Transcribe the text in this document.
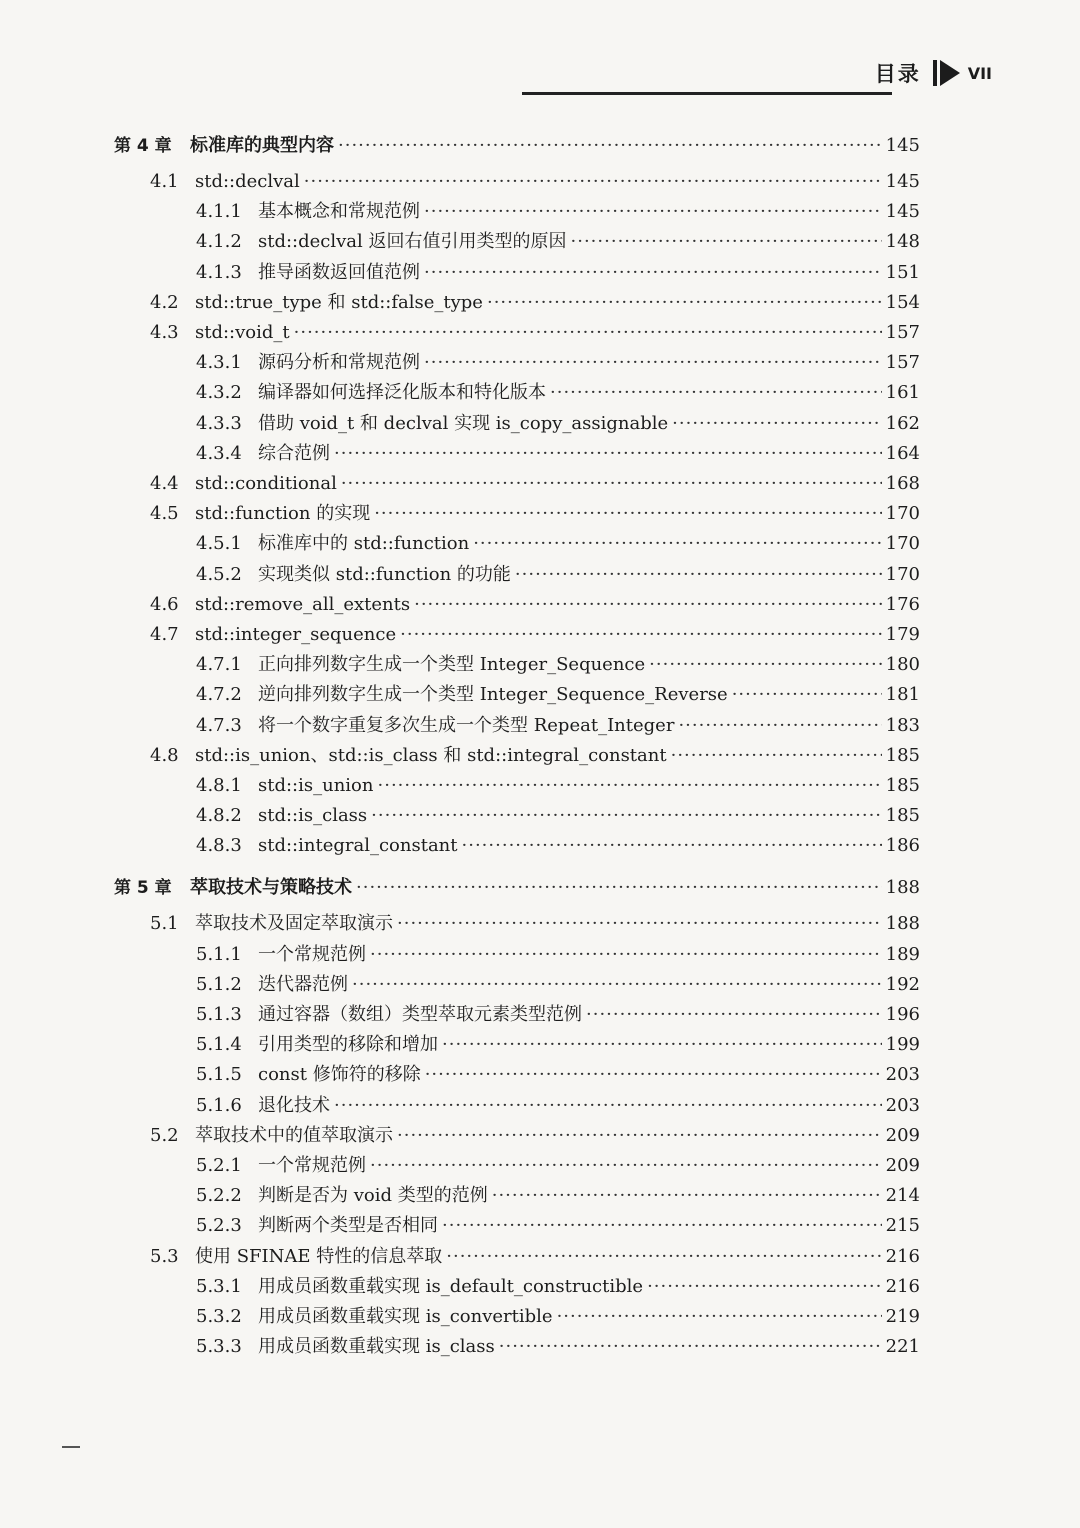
目录	VII
第 4 章	标准库的典型内容 ·····	145
4.1 std::declval ·····	145
4.1.1 基本概念和常规范例 ·····	145
4.1.2 std::declval 返回右值引用类型的原因 ·····	148
4.1.3 推导函数返回值范例 ·····	151
4.2 std::true_type 和 std::false_type ·····	154
4.3 std::void_t ·····	157
4.3.1 源码分析和常规范例 ·····	157
4.3.2 编译器如何选择泛化版本和特化版本 ·····	161
4.3.3 借助 void_t 和 declval 实现 is_copy_assignable ·····	162
4.3.4 综合范例 ·····	164
4.4 std::conditional ·····	168
4.5 std::function 的实现 ·····	170
4.5.1 标准库中的 std::function ·····	170
4.5.2 实现类似 std::function 的功能 ·····	170
4.6 std::remove_all_extents ·····	176
4.7 std::integer_sequence ·····	179
4.7.1 正向排列数字生成一个类型 Integer_Sequence ·····	180
4.7.2 逆向排列数字生成一个类型 Integer_Sequence_Reverse ·····	181
4.7.3 将一个数字重复多次生成一个类型 Repeat_Integer ·····	183
4.8 std::is_union、std::is_class 和 std::integral_constant ·····	185
4.8.1 std::is_union ·····	185
4.8.2 std::is_class ·····	185
4.8.3 std::integral_constant ·····	186
第 5 章	萃取技术与策略技术 ·····	188
5.1 萃取技术及固定萃取演示 ·····	188
5.1.1 一个常规范例 ·····	189
5.1.2 迭代器范例 ·····	192
5.1.3 通过容器（数组）类型萃取元素类型范例 ·····	196
5.1.4 引用类型的移除和增加 ·····	199
5.1.5 const 修饰符的移除 ·····	203
5.1.6 退化技术 ·····	203
5.2 萃取技术中的值萃取演示 ·····	209
5.2.1 一个常规范例 ·····	209
5.2.2 判断是否为 void 类型的范例 ·····	214
5.2.3 判断两个类型是否相同 ·····	215
5.3 使用 SFINAE 特性的信息萃取 ·····	216
5.3.1 用成员函数重载实现 is_default_constructible ·····	216
5.3.2 用成员函数重载实现 is_convertible ·····	219
5.3.3 用成员函数重载实现 is_class ·····	221
